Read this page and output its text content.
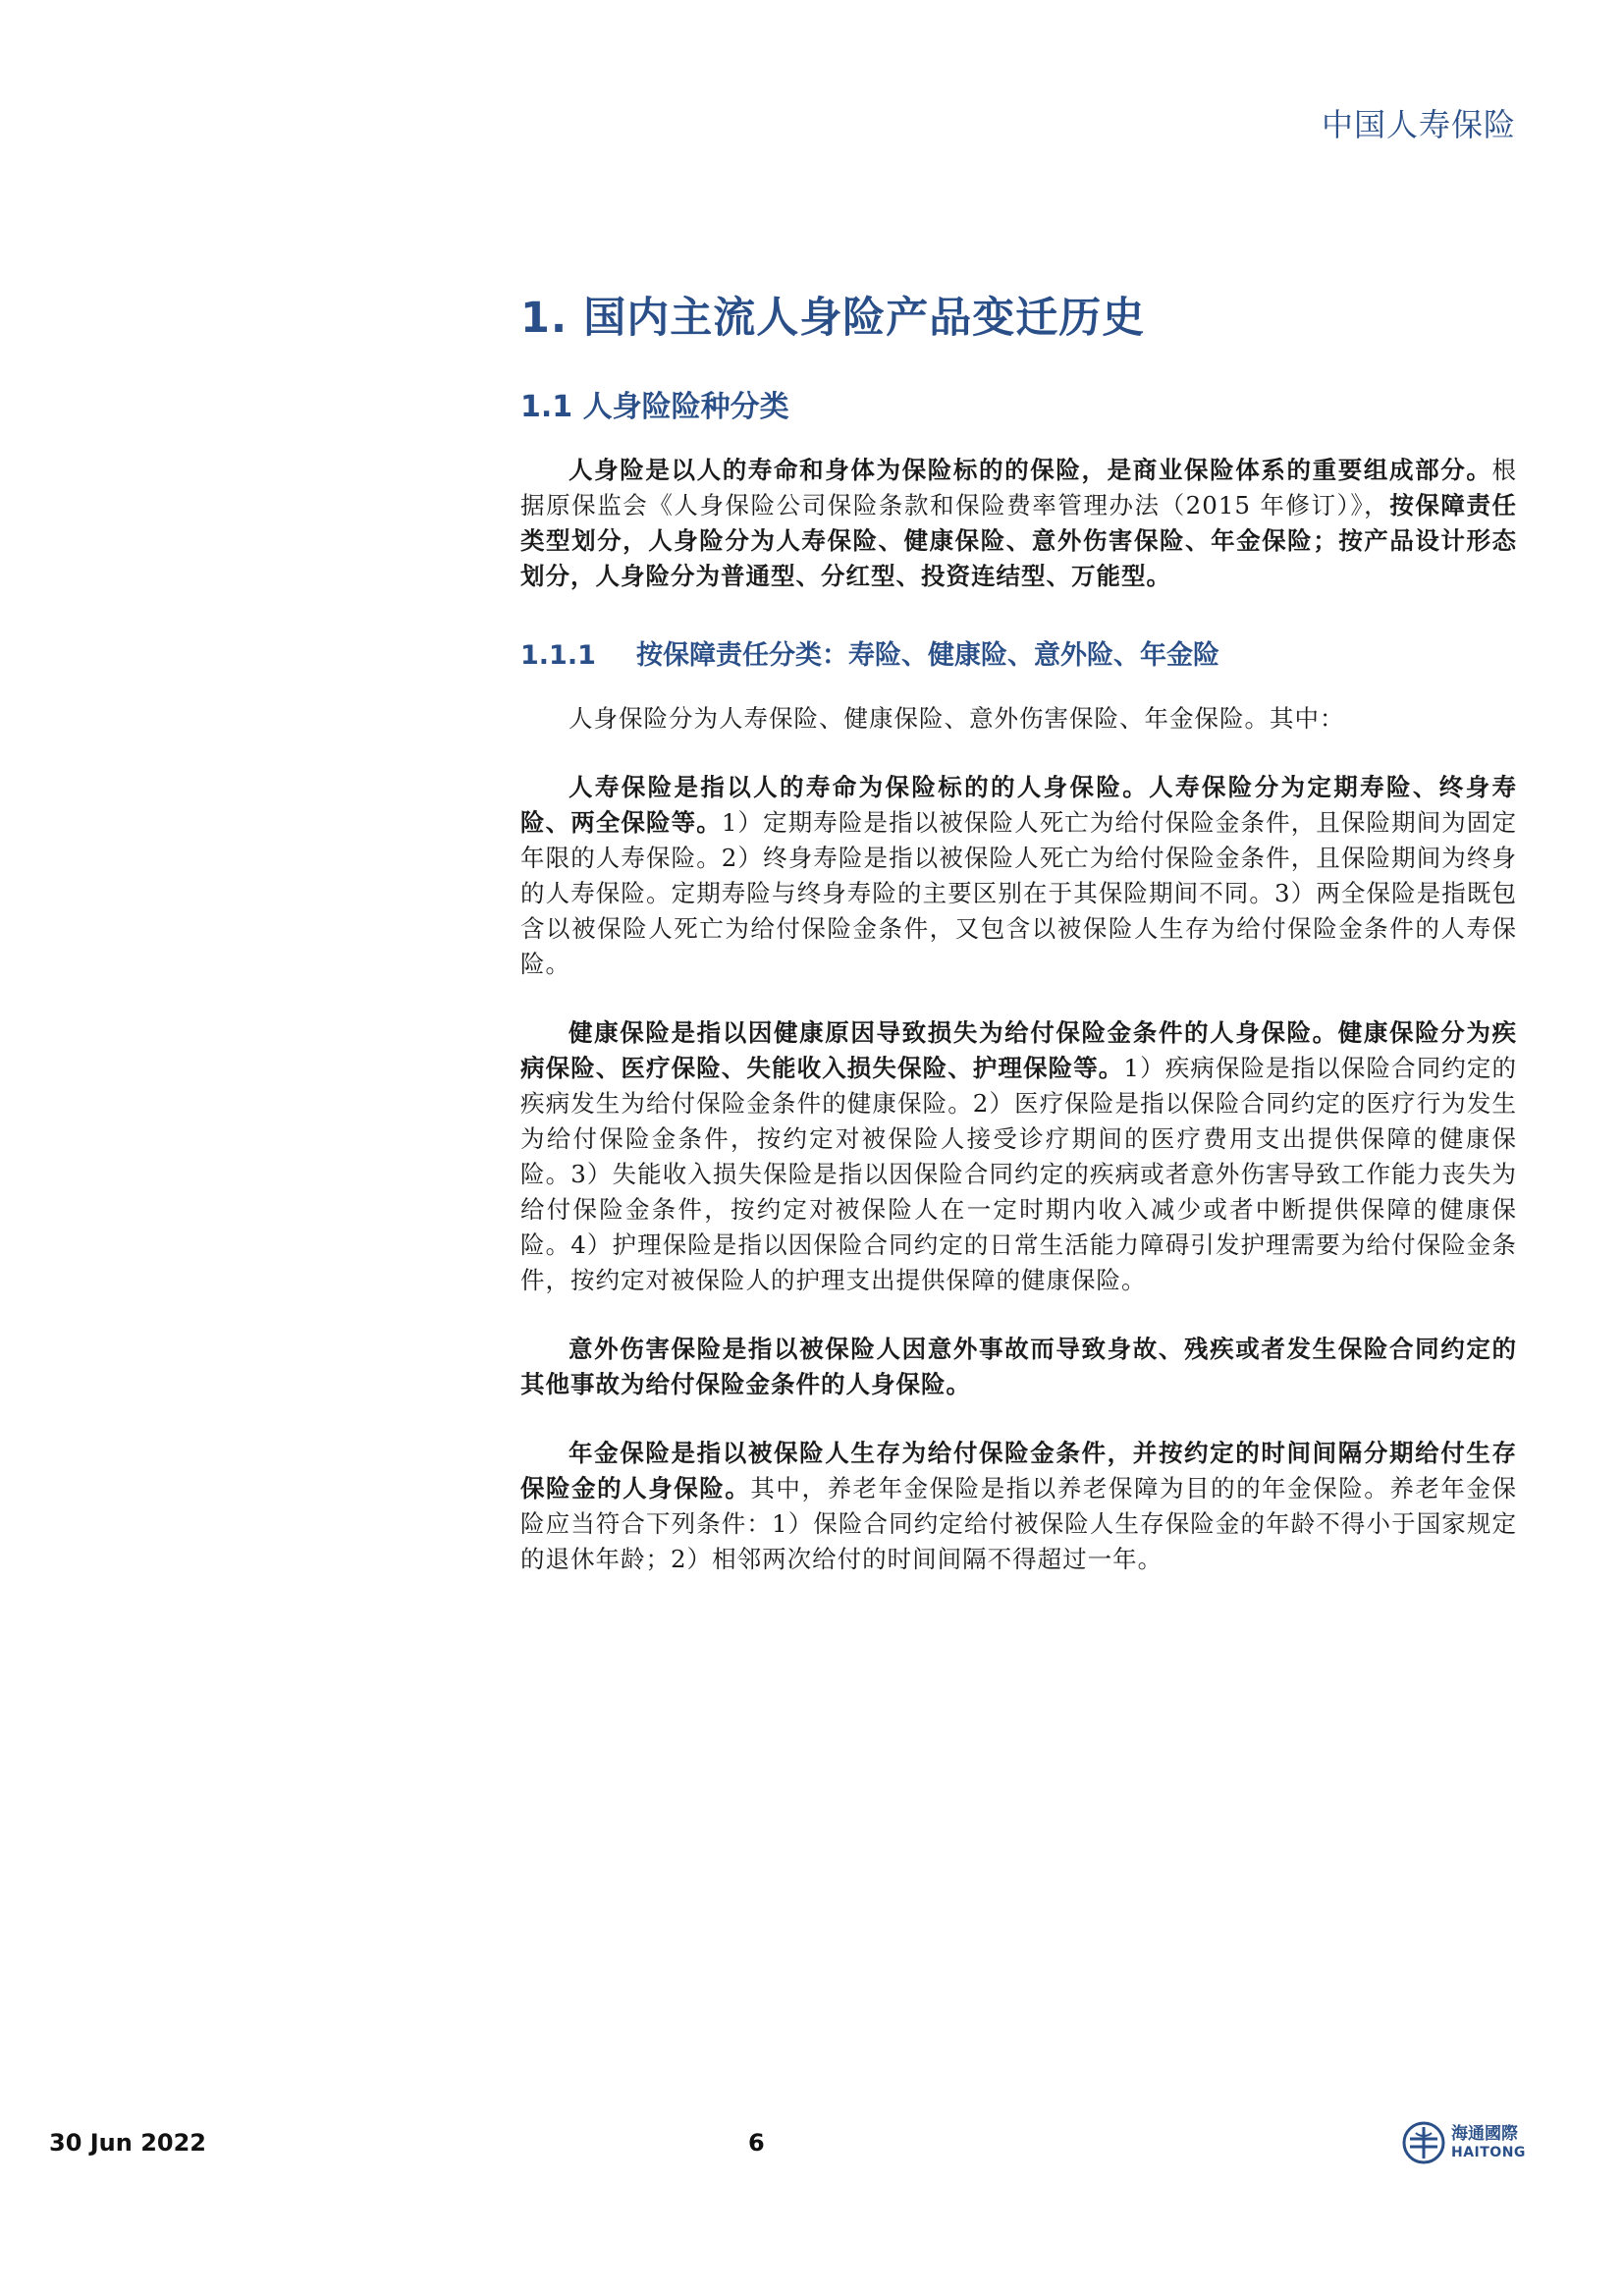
中国人寿保险
1. 国内主流人身险产品变迁历史
1.1 人身险险种分类

人身险是以人的寿命和身体为保险标的的保险，是商业保险体系的重要组成部分。根据原保监会《人身保险公司保险条款和保险费率管理办法（2015 年修订）》，按保障责任类型划分，人身险分为人寿保险、健康保险、意外伤害保险、年金保险；按产品设计形态划分，人身险分为普通型、分红型、投资连结型、万能型。

1.1.1 按保障责任分类：寿险、健康险、意外险、年金险

人身保险分为人寿保险、健康保险、意外伤害保险、年金保险。其中：

人寿保险是指以人的寿命为保险标的的人身保险。人寿保险分为定期寿险、终身寿险、两全保险等。1）定期寿险是指以被保险人死亡为给付保险金条件，且保险期间为固定年限的人寿保险。2）终身寿险是指以被保险人死亡为给付保险金条件，且保险期间为终身的人寿保险。定期寿险与终身寿险的主要区别在于其保险期间不同。3）两全保险是指既包含以被保险人死亡为给付保险金条件，又包含以被保险人生存为给付保险金条件的人寿保险。

健康保险是指以因健康原因导致损失为给付保险金条件的人身保险。健康保险分为疾病保险、医疗保险、失能收入损失保险、护理保险等。1）疾病保险是指以保险合同约定的疾病发生为给付保险金条件的健康保险。2）医疗保险是指以保险合同约定的医疗行为发生为给付保险金条件，按约定对被保险人接受诊疗期间的医疗费用支出提供保障的健康保险。3）失能收入损失保险是指以因保险合同约定的疾病或者意外伤害导致工作能力丧失为给付保险金条件，按约定对被保险人在一定时期内收入减少或者中断提供保障的健康保险。4）护理保险是指以因保险合同约定的日常生活能力障碍引发护理需要为给付保险金条件，按约定对被保险人的护理支出提供保障的健康保险。

意外伤害保险是指以被保险人因意外事故而导致身故、残疾或者发生保险合同约定的其他事故为给付保险金条件的人身保险。

年金保险是指以被保险人生存为给付保险金条件，并按约定的时间间隔分期给付生存保险金的人身保险。其中，养老年金保险是指以养老保障为目的的年金保险。养老年金保险应当符合下列条件：1）保险合同约定给付被保险人生存保险金的年龄不得小于国家规定的退休年龄；2）相邻两次给付的时间间隔不得超过一年。

30 Jun 2022	6	海通國際
HAITONG
